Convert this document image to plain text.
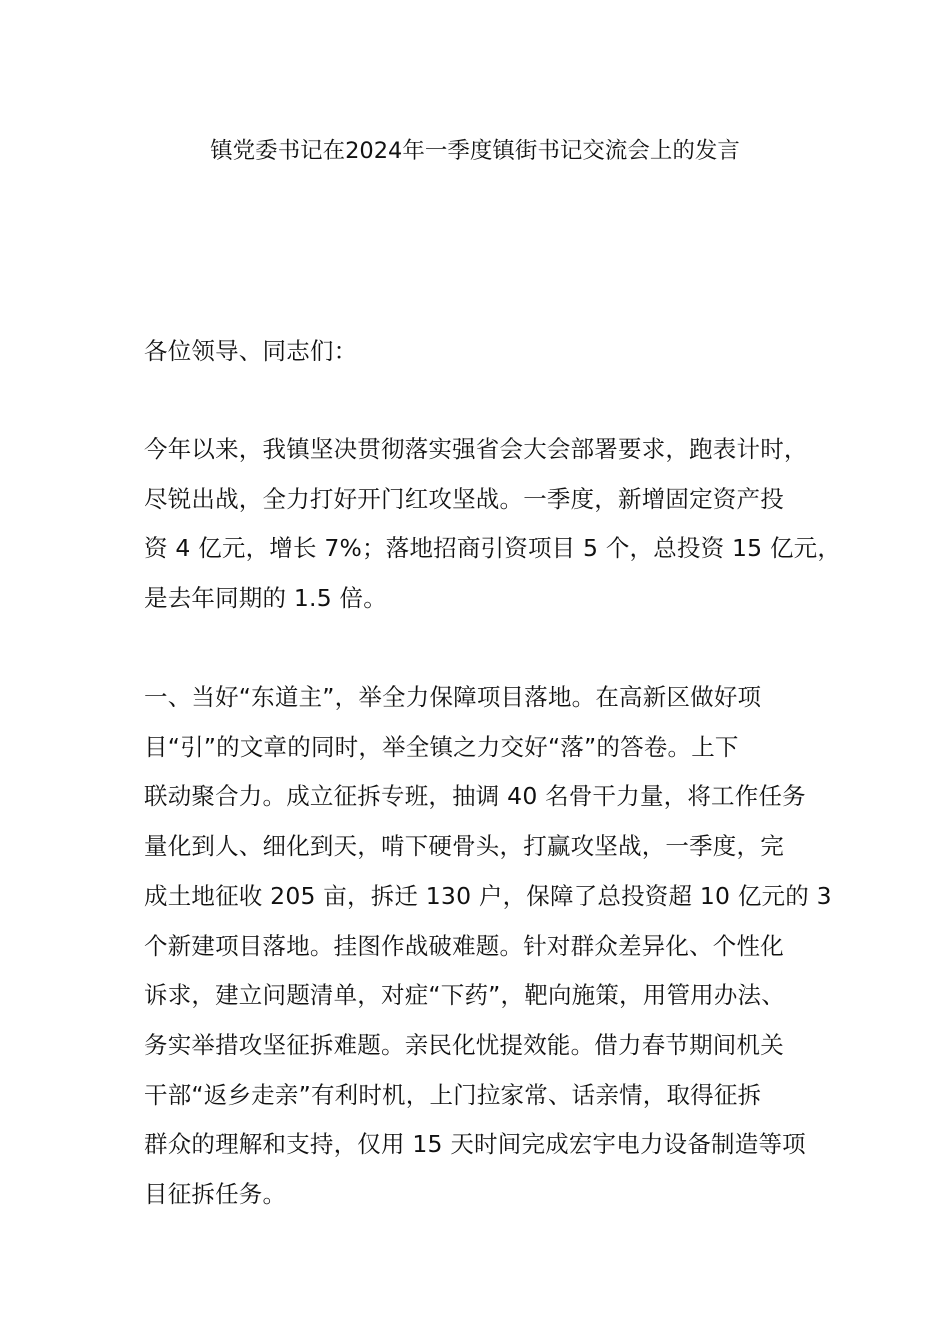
镇党委书记在2024年一季度镇街书记交流会上的发言

各位领导、同志们：

今年以来，我镇坚决贯彻落实强省会大会部署要求，跑表计时，
尽锐出战，全力打好开门红攻坚战。一季度，新增固定资产投
资 4 亿元，增长 7%；落地招商引资项目 5 个，总投资 15 亿元，
是去年同期的 1.5 倍。

一、当好“东道主”，举全力保障项目落地。在高新区做好项
目“引”的文章的同时，举全镇之力交好“落”的答卷。上下
联动聚合力。成立征拆专班，抽调 40 名骨干力量，将工作任务
量化到人、细化到天，啃下硬骨头，打赢攻坚战，一季度，完
成土地征收 205 亩，拆迁 130 户，保障了总投资超 10 亿元的 3
个新建项目落地。挂图作战破难题。针对群众差异化、个性化
诉求，建立问题清单，对症“下药”，靶向施策，用管用办法、
务实举措攻坚征拆难题。亲民化忧提效能。借力春节期间机关
干部“返乡走亲”有利时机，上门拉家常、话亲情，取得征拆
群众的理解和支持，仅用 15 天时间完成宏宇电力设备制造等项
目征拆任务。
